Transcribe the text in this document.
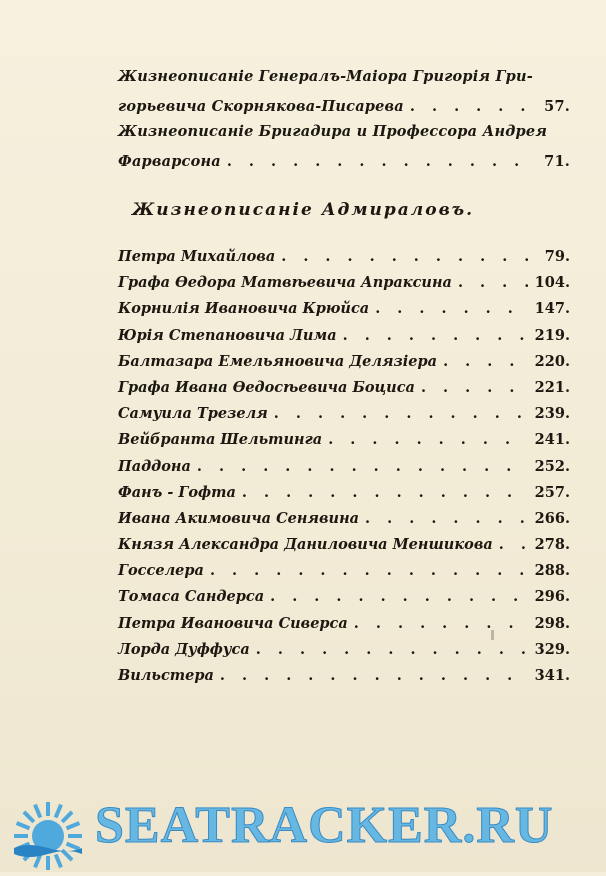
Жизнеописаніе Генералъ-Маіора Григорія Гри-
горьевича Скорнякова-Писарева . . .	57.
Жизнеописаніе Бригадира и Профессора Андрея
Фарварсона . . .	71.
Жизнеописаніе Адмираловъ.
Петра Михайлова . . .	79.
Графа Ѳедора Матвѣевича Апраксина . . .	104.
Корнилія Ивановича Крюйса . . .	147.
Юрія Степановича Лима . . .	219.
Балтазара Емельяновича Делязіера . . .	220.
Графа Ивана Ѳедосѣевича Боциса . . .	221.
Самуила Трезеля . . .	239.
Вейбрантa Шельтинга . . .	241.
Паддона . . .	252.
Фанъ - Гофта . . .	257.
Ивана Акимовича Сенявина . . .	266.
Князя Александра Даниловича Меншикова . . .	278.
Госселера . . .	288.
Томаса Сандерса . . .	296.
Петра Ивановича Сиверса . . .	298.
Лорда Дуффуса . . .	329.
Вильстера . . .	341.
SEATRACKER.RU
